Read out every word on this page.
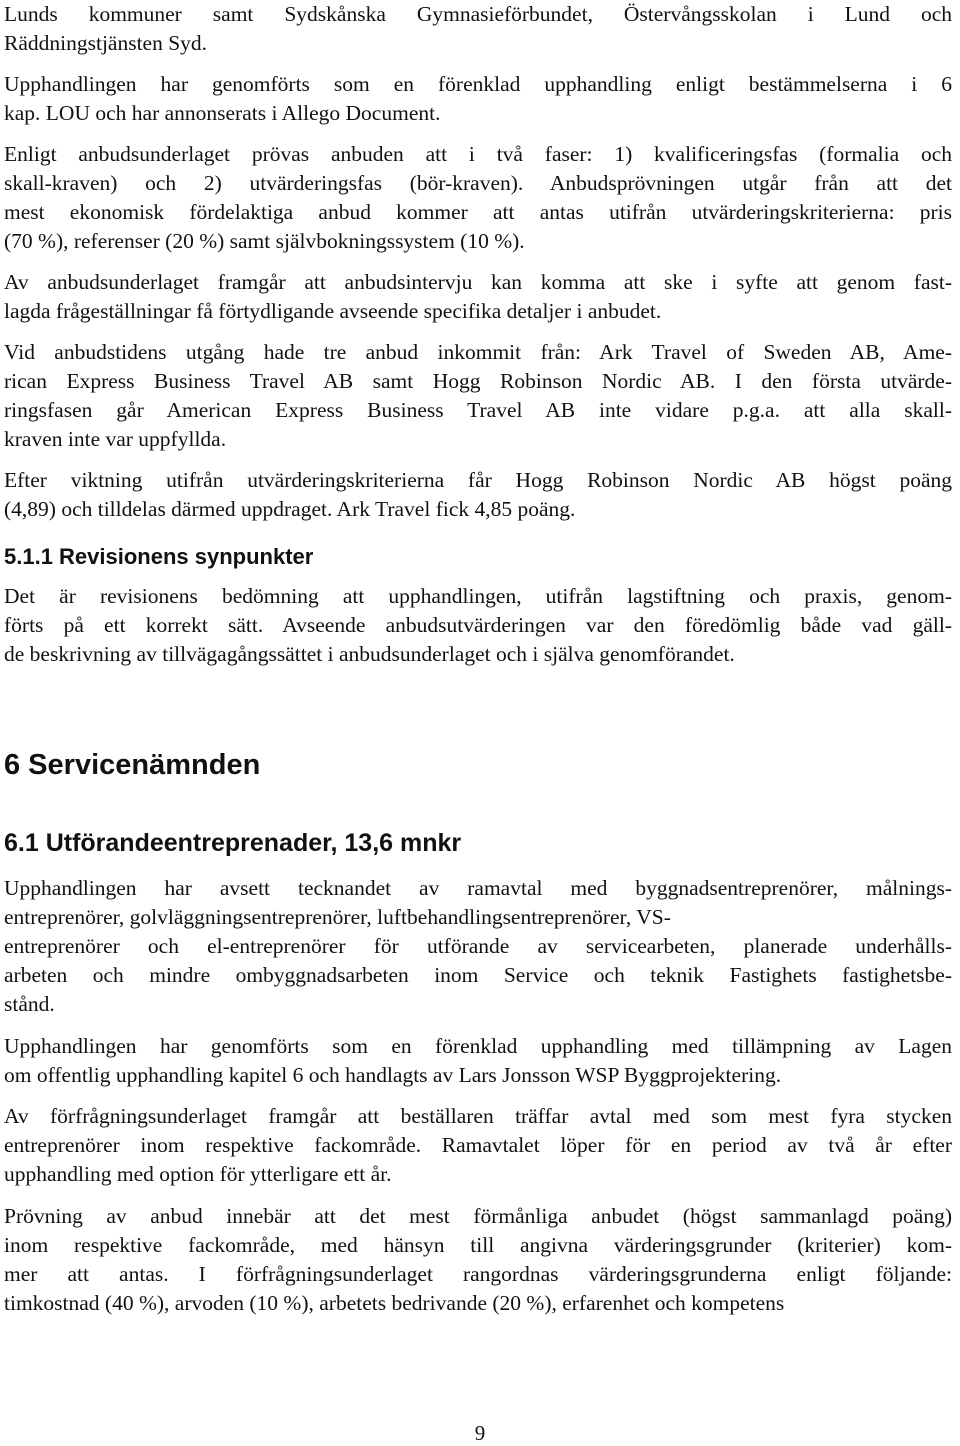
Lunds kommuner samt Sydskånska Gymnasieförbundet, Östervångsskolan i Lund och
Räddningstjänsten Syd.
Upphandlingen har genomförts som en förenklad upphandling enligt bestämmelserna i 6
kap. LOU och har annonserats i Allego Document.
Enligt anbudsunderlaget prövas anbuden att i två faser: 1) kvalificeringsfas (formalia och
skall-kraven) och 2) utvärderingsfas (bör-kraven). Anbudsprövningen utgår från att det
mest ekonomisk fördelaktiga anbud kommer att antas utifrån utvärderingskriterierna: pris
(70 %), referenser (20 %) samt självbokningssystem (10 %).
Av anbudsunderlaget framgår att anbudsintervju kan komma att ske i syfte att genom fast-
lagda frågeställningar få förtydligande avseende specifika detaljer i anbudet.
Vid anbudstidens utgång hade tre anbud inkommit från: Ark Travel of Sweden AB, Ame-
rican Express Business Travel AB samt Hogg Robinson Nordic AB. I den första utvärde-
ringsfasen går American Express Business Travel AB inte vidare p.g.a. att alla skall-
kraven inte var uppfyllda.
Efter viktning utifrån utvärderingskriterierna får Hogg Robinson Nordic AB högst poäng
(4,89) och tilldelas därmed uppdraget. Ark Travel fick 4,85 poäng.
5.1.1 Revisionens synpunkter
Det är revisionens bedömning att upphandlingen, utifrån lagstiftning och praxis, genom-
förts på ett korrekt sätt. Avseende anbudsutvärderingen var den föredömlig både vad gäll-
de beskrivning av tillvägagångssättet i anbudsunderlaget och i själva genomförandet.
6 Servicenämnden
6.1 Utförandeentreprenader, 13,6 mnkr
Upphandlingen har avsett tecknandet av ramavtal med byggnadsentreprenörer, målnings-
entreprenörer, golvläggningsentreprenörer, luftbehandlingsentreprenörer, VS-
entreprenörer och el-entreprenörer för utförande av servicearbeten, planerade underhålls-
arbeten och mindre ombyggnadsarbeten inom Service och teknik Fastighets fastighetsbe-
stånd.
Upphandlingen har genomförts som en förenklad upphandling med tillämpning av Lagen
om offentlig upphandling kapitel 6 och handlagts av Lars Jonsson WSP Byggprojektering.
Av förfrågningsunderlaget framgår att beställaren träffar avtal med som mest fyra stycken
entreprenörer inom respektive fackområde. Ramavtalet löper för en period av två år efter
upphandling med option för ytterligare ett år.
Prövning av anbud innebär att det mest förmånliga anbudet (högst sammanlagd poäng)
inom respektive fackområde, med hänsyn till angivna värderingsgrunder (kriterier) kom-
mer att antas. I förfrågningsunderlaget rangordnas värderingsgrunderna enligt följande:
timkostnad (40 %), arvoden (10 %), arbetets bedrivande (20 %), erfarenhet och kompetens

9
